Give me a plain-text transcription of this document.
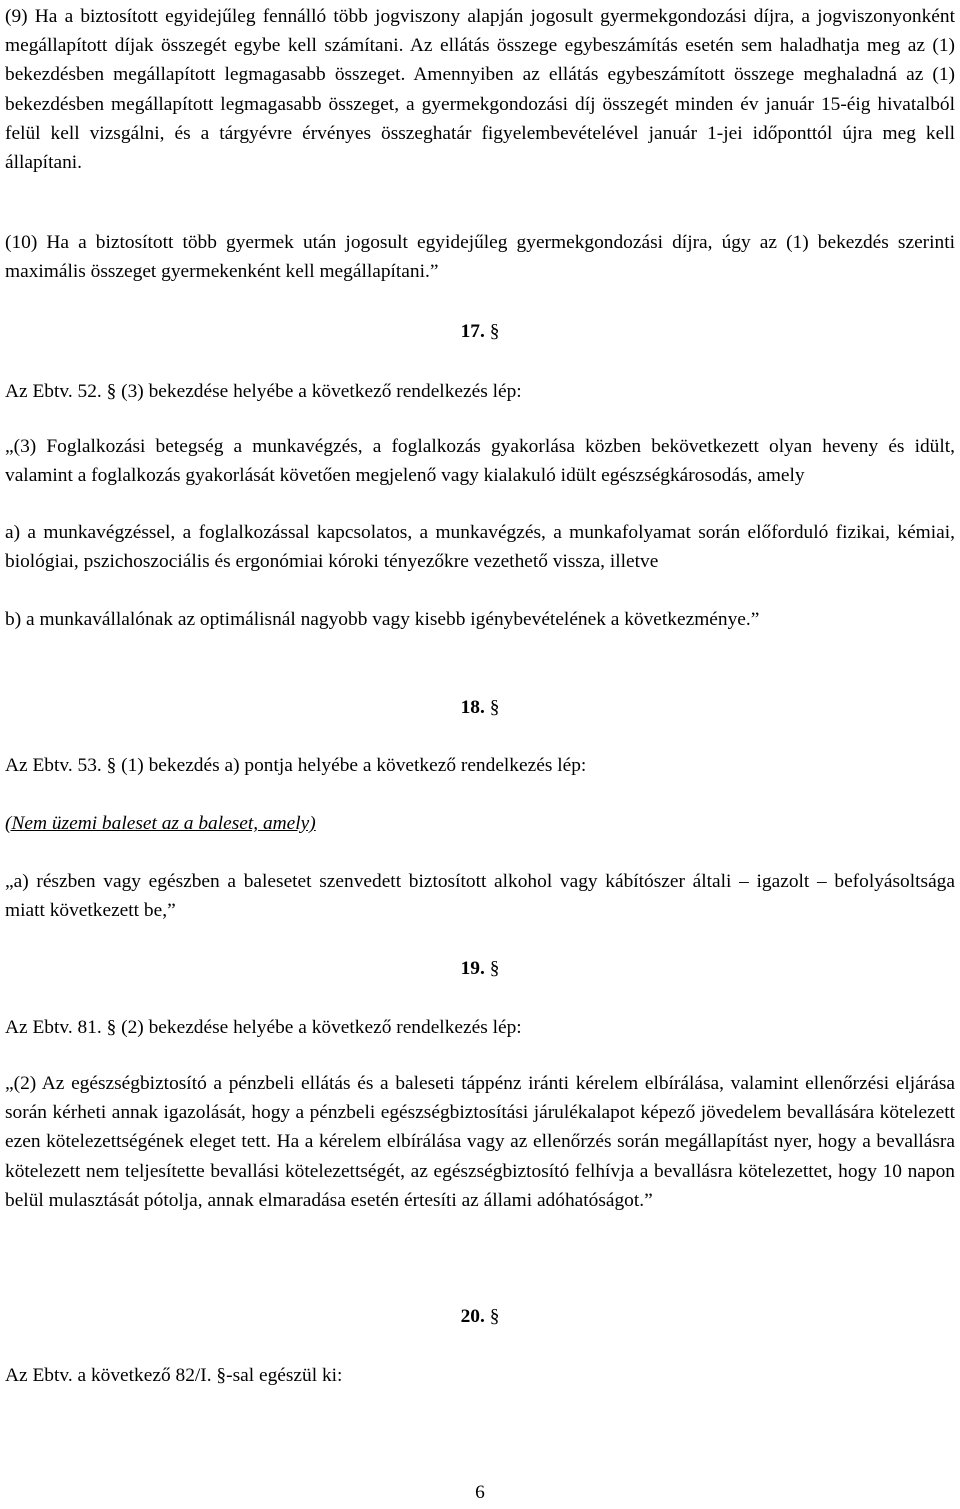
(9) Ha a biztosított egyidejűleg fennálló több jogviszony alapján jogosult gyermekgondozási díjra, a jogviszonyonként megállapított díjak összegét egybe kell számítani. Az ellátás összege egybeszámítás esetén sem haladhatja meg az (1) bekezdésben megállapított legmagasabb összeget. Amennyiben az ellátás egybeszámított összege meghaladná az (1) bekezdésben megállapított legmagasabb összeget, a gyermekgondozási díj összegét minden év január 15-éig hivatalból felül kell vizsgálni, és a tárgyévre érvényes összeghatár figyelembevételével január 1-jei időponttól újra meg kell állapítani.

(10) Ha a biztosított több gyermek után jogosult egyidejűleg gyermekgondozási díjra, úgy az (1) bekezdés szerinti maximális összeget gyermekenként kell megállapítani.”

17. §

Az Ebtv. 52. § (3) bekezdése helyébe a következő rendelkezés lép:

„(3) Foglalkozási betegség a munkavégzés, a foglalkozás gyakorlása közben bekövetkezett olyan heveny és idült, valamint a foglalkozás gyakorlását követően megjelenő vagy kialakuló idült egészségkárosodás, amely

a) a munkavégzéssel, a foglalkozással kapcsolatos, a munkavégzés, a munkafolyamat során előforduló fizikai, kémiai, biológiai, pszichoszociális és ergonómiai kóroki tényezőkre vezethető vissza, illetve

b) a munkavállalónak az optimálisnál nagyobb vagy kisebb igénybevételének a következménye.”

18. §

Az Ebtv. 53. § (1) bekezdés a) pontja helyébe a következő rendelkezés lép:

(Nem üzemi baleset az a baleset, amely)

„a) részben vagy egészben a balesetet szenvedett biztosított alkohol vagy kábítószer általi – igazolt – befolyásoltsága miatt következett be,”

19. §

Az Ebtv. 81. § (2) bekezdése helyébe a következő rendelkezés lép:

„(2) Az egészségbiztosító a pénzbeli ellátás és a baleseti táppénz iránti kérelem elbírálása, valamint ellenőrzési eljárása során kérheti annak igazolását, hogy a pénzbeli egészségbiztosítási járulékalapot képező jövedelem bevallására kötelezett ezen kötelezettségének eleget tett. Ha a kérelem elbírálása vagy az ellenőrzés során megállapítást nyer, hogy a bevallásra kötelezett nem teljesítette bevallási kötelezettségét, az egészségbiztosító felhívja a bevallásra kötelezettet, hogy 10 napon belül mulasztását pótolja, annak elmaradása esetén értesíti az állami adóhatóságot.”

20. §

Az Ebtv. a következő 82/I. §-sal egészül ki:

6
